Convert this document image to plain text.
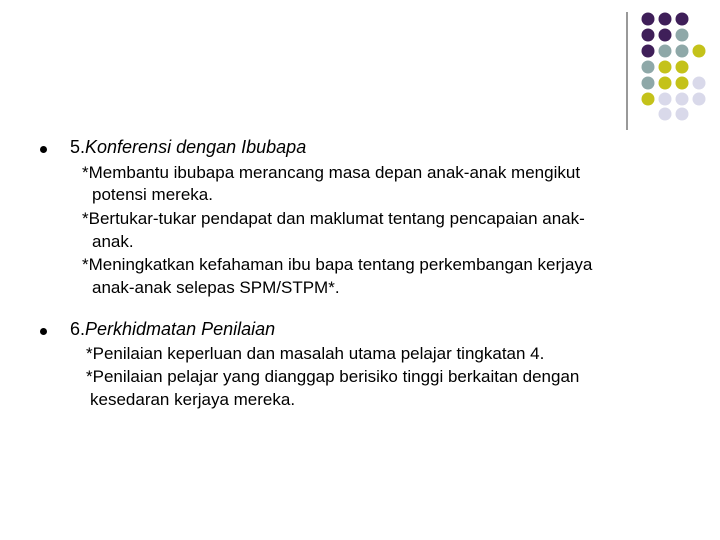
5.Konferensi dengan Ibubapa
*Membantu ibubapa merancang masa depan anak-anak mengikut
potensi mereka.
*Bertukar-tukar pendapat dan maklumat tentang pencapaian anak-
anak.
*Meningkatkan kefahaman ibu bapa tentang perkembangan kerjaya
anak-anak selepas SPM/STPM*.
6.Perkhidmatan Penilaian
*Penilaian keperluan dan masalah utama pelajar tingkatan 4.
*Penilaian pelajar yang dianggap berisiko tinggi berkaitan dengan
kesedaran kerjaya mereka.
